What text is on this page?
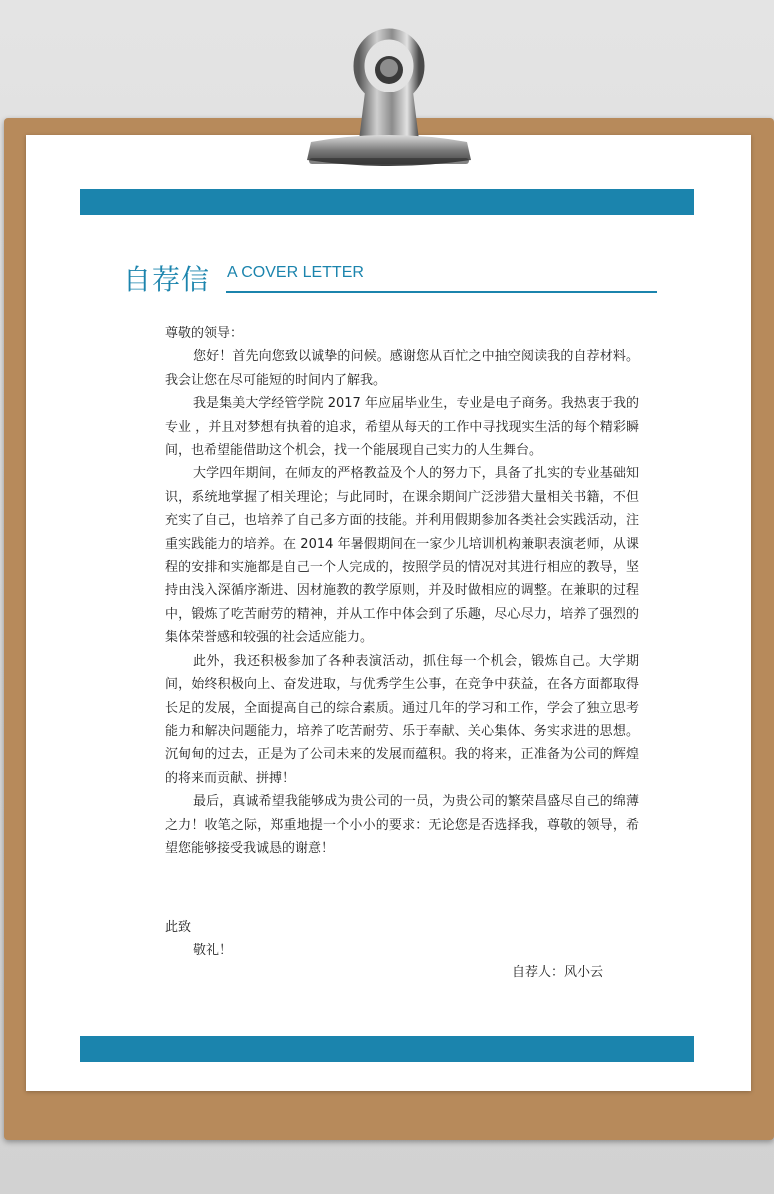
自荐信 A COVER LETTER

尊敬的领导：

您好！首先向您致以诚挚的问候。感谢您从百忙之中抽空阅读我的自荐材料。我会让您在尽可能短的时间内了解我。

我是集美大学经管学院 2017 年应届毕业生，专业是电子商务。我热衷于我的专业 ，并且对梦想有执着的追求，希望从每天的工作中寻找现实生活的每个精彩瞬间，也希望能借助这个机会，找一个能展现自己实力的人生舞台。

大学四年期间，在师友的严格教益及个人的努力下，具备了扎实的专业基础知识，系统地掌握了相关理论；与此同时，在课余期间广泛涉猎大量相关书籍，不但充实了自己，也培养了自己多方面的技能。并利用假期参加各类社会实践活动，注重实践能力的培养。在 2014 年暑假期间在一家少儿培训机构兼职表演老师，从课程的安排和实施都是自己一个人完成的，按照学员的情况对其进行相应的教导，坚持由浅入深循序渐进、因材施教的教学原则，并及时做相应的调整。在兼职的过程中，锻炼了吃苦耐劳的精神，并从工作中体会到了乐趣，尽心尽力，培养了强烈的集体荣誉感和较强的社会适应能力。

此外，我还积极参加了各种表演活动，抓住每一个机会，锻炼自己。大学期间，始终积极向上、奋发进取，与优秀学生公事，在竞争中获益，在各方面都取得长足的发展，全面提高自己的综合素质。通过几年的学习和工作，学会了独立思考能力和解决问题能力，培养了吃苦耐劳、乐于奉献、关心集体、务实求进的思想。沉甸甸的过去，正是为了公司未来的发展而蕴积。我的将来，正准备为公司的辉煌的将来而贡献、拼搏！

最后，真诚希望我能够成为贵公司的一员，为贵公司的繁荣昌盛尽自己的绵薄之力！收笔之际，郑重地提一个小小的要求：无论您是否选择我，尊敬的领导，希望您能够接受我诚恳的谢意！

此致
敬礼！
自荐人：风小云
